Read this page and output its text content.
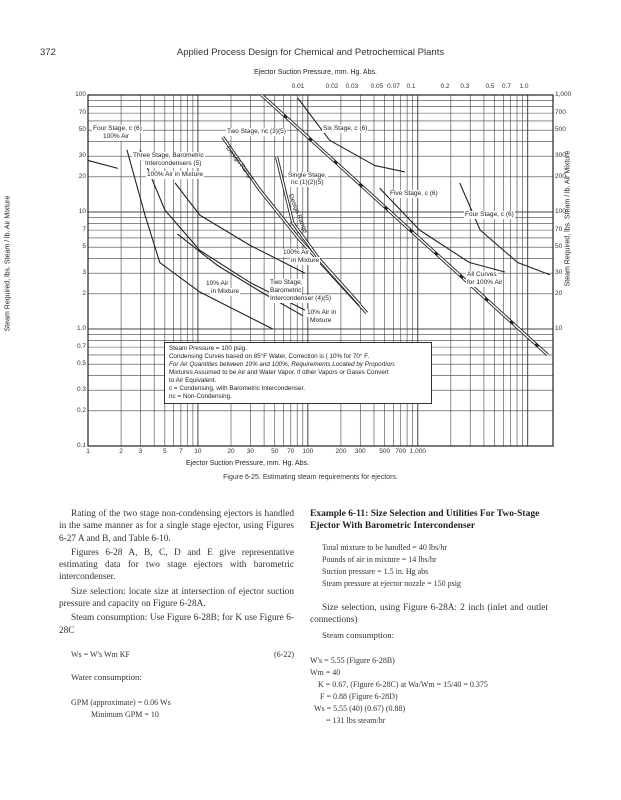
372	Applied Process Design for Chemical and Petrochemical Plants
1	2	3	5	7	10	20	30	50	70	100	200	300	500 700 1,000
0.01	0.02 0.03 0.05 0.07	0.1	0.2	0.3	0.5	0.7	1.0
0.1
0.2
0.3
0.5
0.7
1.0
2
3
5
7
10
20
30
50
70
100
10
20
30
50
70
100
200
300
500
700
1,000
Ejector Suction Pressure, mm. Hg. Abs.
Ejector Suction Pressure, mm. Hg. Abs.
Steam Required, lbs. Steam / lb. Air Mixture	Steam Required, lbs. Steam / lb. Air Mixture
Four Stage, c (6)
100% Air
Three Stage, Barometric
Intercondensers (5)
100% Air in Mixture
Two Stage, nc (3)(5)
Design Range	Single Stage,
nc (1)(2)(5)
Design Range
Six Stage, c (6)
Five Stage, c (6)
Four Stage, c (6)
100% Air
in Mixture
10% Air
in Mixture
Two Stage,
Barometric
Intercondenser (4)(5)
10% Air in
Mixture
All Curves
for 100% Air
Steam Pressure = 100 psig.
Condensing Curves based on 85°F Water, Correction is ( 10% for 70° F.
For Air Quantities between 10% and 100%, Requirements Located by Proportion.
Mixtures Assumed to be Air and Water Vapor, if other Vapors or Gases Convert
to Air Equivalent.
c = Condensing, with Barometric Intercondenser.
nc = Non-Condensing.
Figure 6-25. Estimating steam requirements for ejectors.

Rating of the two stage non-condensing ejectors is handled in the same manner as for a single stage ejector, using Figures 6-27 A and B, and Table 6-10.

Figures 6-28 A, B, C, D and E give representative estimating data for two stage ejectors with barometric intercondenser.

Size selection: locate size at intersection of ejector suction pressure and capacity on Figure 6-28A.

Steam consumption: Use Figure 6-28B; for K use Figure 6-28C

Ws = W's Wm KF	(6-22)
Water consumption:
GPM (approximate) = 0.06 Ws
Minimum GPM = 10
Example 6-11: Size Selection and Utilities For Two-Stage Ejector With Barometric Intercondenser
Total mixture to be handled = 40 lbs/hr
Pounds of air in mixture = 14 lbs/hr
Suction pressure = 1.5 in. Hg abs
Steam pressure at ejector nozzle = 150 psig

Size selection, using Figure 6-28A: 2 inch (inlet and outlet connections)

Steam consumption:
W's = 5.55 (Figure 6-28B)
Wm = 40
K = 0.67, (Figure 6-28C) at Wa/Wm = 15/40 = 0.375
F = 0.88 (Figure 6-28D)
Ws = 5.55 (40) (0.67) (0.88)
= 131 lbs steam/hr
